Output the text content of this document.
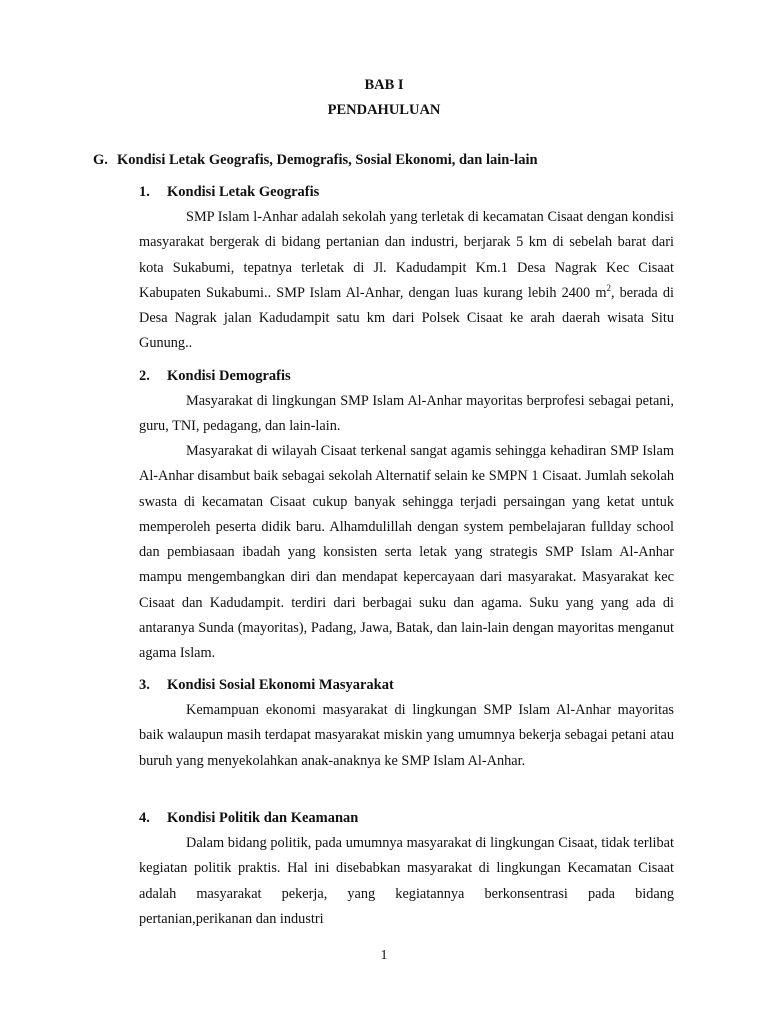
BAB I
PENDAHULUAN
G. Kondisi Letak Geografis, Demografis, Sosial Ekonomi, dan lain-lain
1. Kondisi Letak Geografis

SMP Islam l-Anhar adalah sekolah yang terletak di kecamatan Cisaat dengan kondisi masyarakat bergerak di bidang pertanian dan industri, berjarak 5 km di sebelah barat dari kota Sukabumi, tepatnya terletak di Jl. Kadudampit Km.1 Desa Nagrak Kec Cisaat Kabupaten Sukabumi.. SMP Islam Al-Anhar, dengan luas kurang lebih 2400 $m^2$, berada di Desa Nagrak jalan Kadudampit satu km dari Polsek Cisaat ke arah daerah wisata Situ Gunung..

2. Kondisi Demografis

Masyarakat di lingkungan SMP Islam Al-Anhar mayoritas berprofesi sebagai petani, guru, TNI, pedagang, dan lain-lain.

Masyarakat di wilayah Cisaat terkenal sangat agamis sehingga kehadiran SMP Islam Al-Anhar disambut baik sebagai sekolah Alternatif selain ke SMPN 1 Cisaat. Jumlah sekolah swasta di kecamatan Cisaat cukup banyak sehingga terjadi persaingan yang ketat untuk memperoleh peserta didik baru. Alhamdulillah dengan system pembelajaran fullday school dan pembiasaan ibadah yang konsisten serta letak yang strategis SMP Islam Al-Anhar mampu mengembangkan diri dan mendapat kepercayaan dari masyarakat. Masyarakat kec Cisaat dan Kadudampit. terdiri dari berbagai suku dan agama. Suku yang yang ada di antaranya Sunda (mayoritas), Padang, Jawa, Batak, dan lain-lain dengan mayoritas menganut agama Islam.

3. Kondisi Sosial Ekonomi Masyarakat

Kemampuan ekonomi masyarakat di lingkungan SMP Islam Al-Anhar mayoritas baik walaupun masih terdapat masyarakat miskin yang umumnya bekerja sebagai petani atau buruh yang menyekolahkan anak-anaknya ke SMP Islam Al-Anhar.

4. Kondisi Politik dan Keamanan

Dalam bidang politik, pada umumnya masyarakat di lingkungan Cisaat, tidak terlibat kegiatan politik praktis. Hal ini disebabkan masyarakat di lingkungan Kecamatan Cisaat adalah masyarakat pekerja, yang kegiatannya berkonsentrasi pada bidang pertanian,perikanan dan industri

1
